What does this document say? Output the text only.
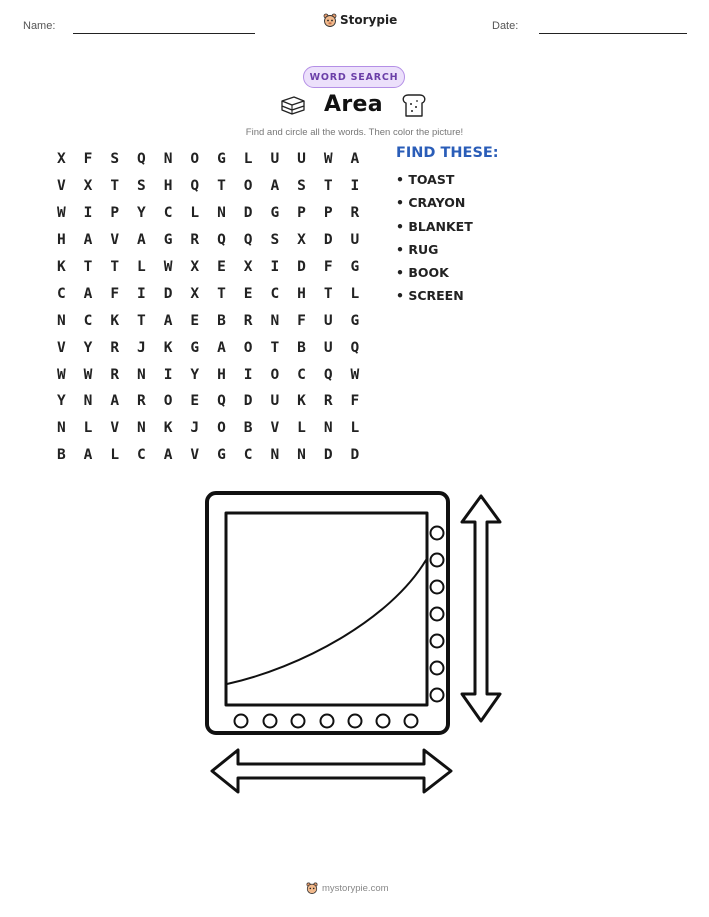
Name:	Storypie	Date:
WORD SEARCH
Area
Find and circle all the words. Then color the picture!
X	F	S	Q	N	O	G	L	U	U	W	A
V	X	T	S	H	Q	T	O	A	S	T	I
W	I	P	Y	C	L	N	D	G	P	P	R
H	A	V	A	G	R	Q	Q	S	X	D	U
K	T	T	L	W	X	E	X	I	D	F	G
C	A	F	I	D	X	T	E	C	H	T	L
N	C	K	T	A	E	B	R	N	F	U	G
V	Y	R	J	K	G	A	O	T	B	U	Q
W	W	R	N	I	Y	H	I	O	C	Q	W
Y	N	A	R	O	E	Q	D	U	K	R	F
N	L	V	N	K	J	O	B	V	L	N	L
B	A	L	C	A	V	G	C	N	N	D	D
FIND THESE:
• TOAST
• CRAYON
• BLANKET
• RUG
• BOOK
• SCREEN
mystorypie.com
